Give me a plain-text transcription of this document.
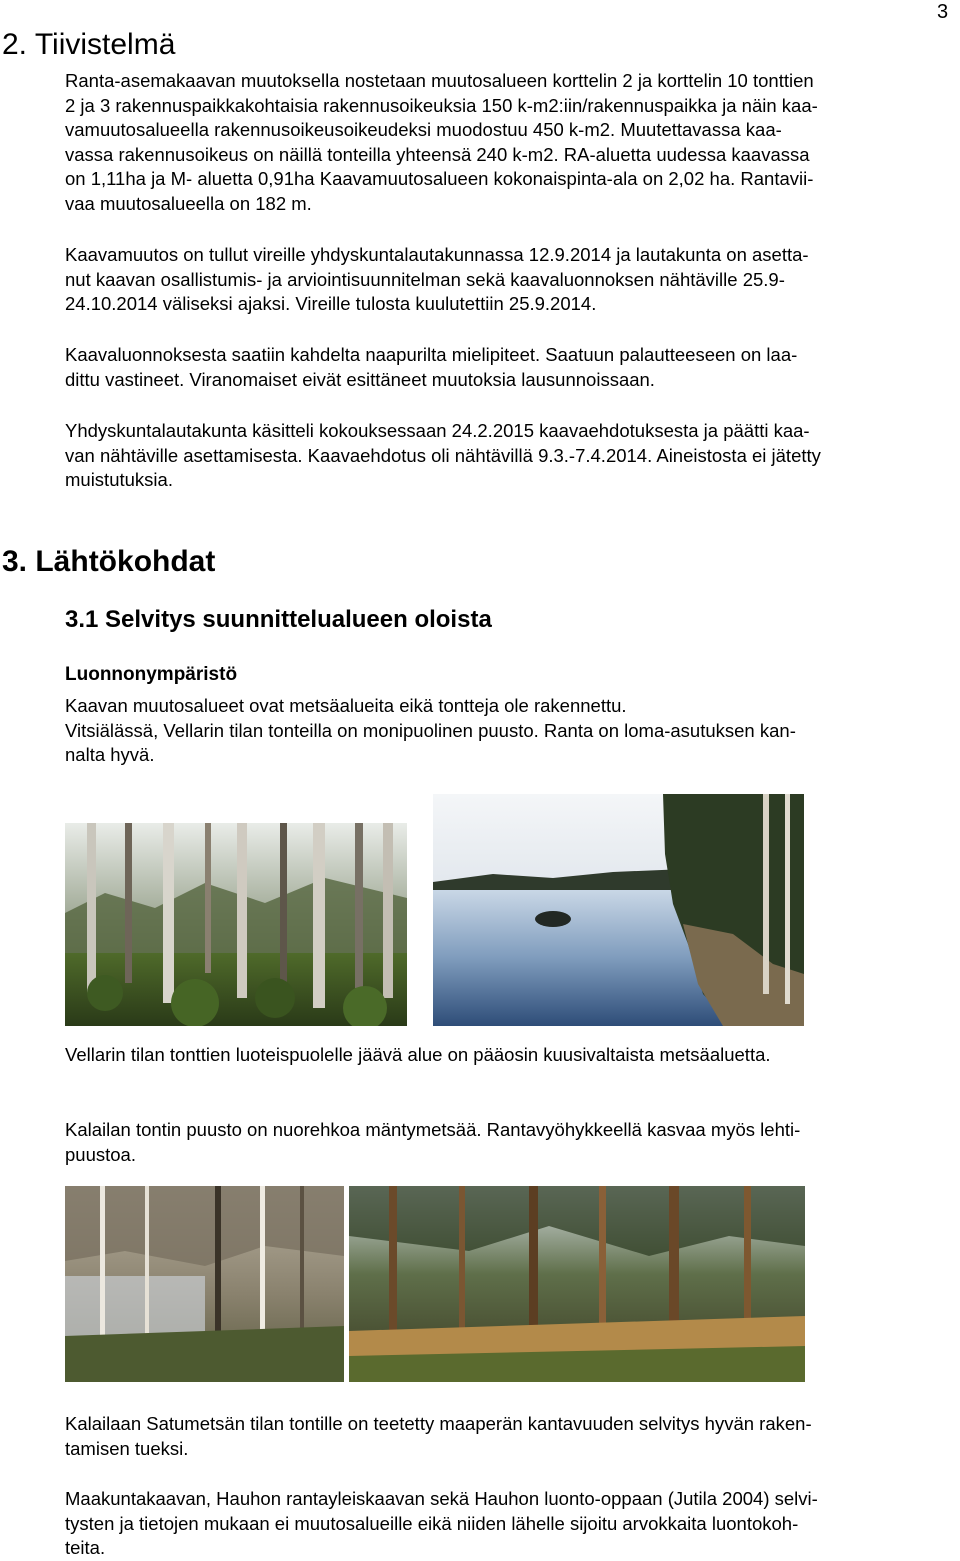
3
2. Tiivistelmä

Ranta-asemakaavan muutoksella nostetaan muutosalueen korttelin 2 ja korttelin 10 tonttien
2 ja 3 rakennuspaikkakohtaisia rakennusoikeuksia 150 k-m2:iin/rakennuspaikka ja näin kaa-
vamuutosalueella rakennusoikeusoikeudeksi muodostuu 450 k-m2. Muutettavassa kaa-
vassa rakennusoikeus on näillä tonteilla yhteensä 240 k-m2. RA-aluetta uudessa kaavassa
on 1,11ha ja M- aluetta 0,91ha Kaavamuutosalueen kokonaispinta-ala on 2,02 ha. Rantavii-
vaa muutosalueella on 182 m.

Kaavamuutos on tullut vireille yhdyskuntalautakunnassa 12.9.2014 ja lautakunta on asetta-
nut kaavan osallistumis- ja arviointisuunnitelman sekä kaavaluonnoksen nähtäville 25.9-
24.10.2014 väliseksi ajaksi. Vireille tulosta kuulutettiin 25.9.2014.

Kaavaluonnoksesta saatiin kahdelta naapurilta mielipiteet. Saatuun palautteeseen on laa-
dittu vastineet. Viranomaiset eivät esittäneet muutoksia lausunnoissaan.

Yhdyskuntalautakunta käsitteli kokouksessaan 24.2.2015 kaavaehdotuksesta ja päätti kaa-
van nähtäville asettamisesta. Kaavaehdotus oli nähtävillä 9.3.-7.4.2014. Aineistosta ei jätetty
muistutuksia.

3. Lähtökohdat
3.1 Selvitys suunnittelualueen oloista
Luonnonympäristö

Kaavan muutosalueet ovat metsäalueita eikä tontteja ole rakennettu.
Vitsiälässä, Vellarin tilan tonteilla on monipuolinen puusto. Ranta on loma-asutuksen kan-
nalta hyvä.

Vellarin tilan tonttien luoteispuolelle jäävä alue on pääosin kuusivaltaista metsäaluetta.

Kalailan tontin puusto on nuorehkoa mäntymetsää. Rantavyöhykkeellä kasvaa myös lehti-
puustoa.

Kalailaan Satumetsän tilan tontille on teetetty maaperän kantavuuden selvitys hyvän raken-
tamisen tueksi.

Maakuntakaavan, Hauhon rantayleiskaavan sekä Hauhon luonto-oppaan (Jutila 2004) selvi-
tysten ja tietojen mukaan ei muutosalueille eikä niiden lähelle sijoitu arvokkaita luontokoh-
teita.
